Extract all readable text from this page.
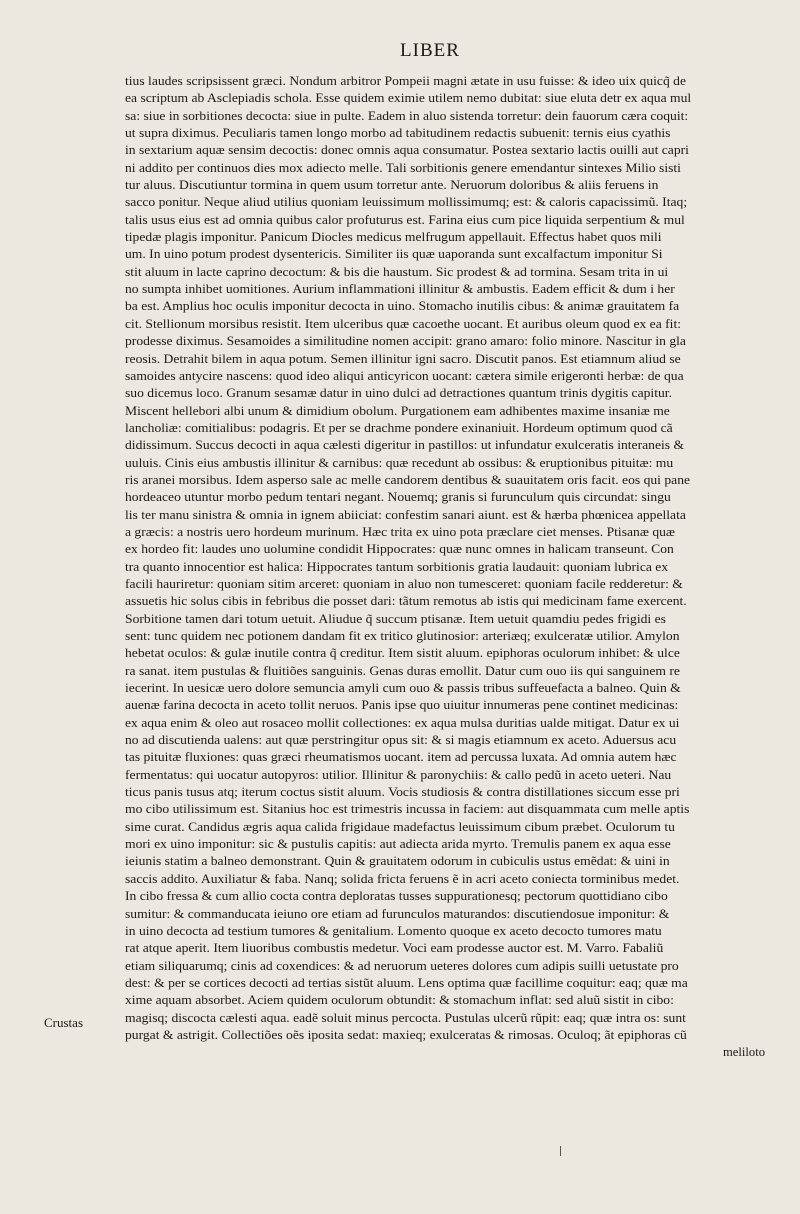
LIBER
Crustas
tius laudes scripsissent græci. Nondum arbitror Pompeii magni ætate in usu fuisse: & ideo uix quicq̃ de
ea scriptum ab Asclepiadis schola. Esse quidem eximie utilem nemo dubitat: siue eluta detr ex aqua mul
sa: siue in sorbitiones decocta: siue in pulte. Eadem in aluo sistenda torretur: dein fauorum cæra coquit:
ut supra diximus. Peculiaris tamen longo morbo ad tabitudinem redactis subuenit: ternis eius cyathis
in sextarium aquæ sensim decoctis: donec omnis aqua consumatur. Postea sextario lactis ouilli aut capri
ni addito per continuos dies mox adiecto melle. Tali sorbitionis genere emendantur sintexes Milio sisti
tur aluus. Discutiuntur tormina in quem usum torretur ante. Neruorum doloribus & aliis feruens in
sacco ponitur. Neque aliud utilius quoniam leuissimum mollissimumq; est: & caloris capacissimũ. Itaq;
talis usus eius est ad omnia quibus calor profuturus est. Farina eius cum pice liquida serpentium & mul
tipedæ plagis imponitur. Panicum Diocles medicus melfrugum appellauit. Effectus habet quos mili
um. In uino potum prodest dysentericis. Similiter iis quæ uaporanda sunt excalfactum imponitur Si
stit aluum in lacte caprino decoctum: & bis die haustum. Sic prodest & ad tormina. Sesam trita in ui
no sumpta inhibet uomitiones. Aurium inflammationi illinitur & ambustis. Eadem efficit & dum i her
ba est. Amplius hoc oculis imponitur decocta in uino. Stomacho inutilis cibus: & animæ grauitatem fa
cit. Stellionum morsibus resistit. Item ulceribus quæ cacoethe uocant. Et auribus oleum quod ex ea fit:
prodesse diximus. Sesamoides a similitudine nomen accipit: grano amaro: folio minore. Nascitur in gla
reosis. Detrahit bilem in aqua potum. Semen illinitur igni sacro. Discutit panos. Est etiamnum aliud se
samoides antycire nascens: quod ideo aliqui anticyricon uocant: cætera simile erigeronti herbæ: de qua
suo dicemus loco. Granum sesamæ datur in uino dulci ad detractiones quantum trinis dygitis capitur.
Miscent hellebori albi unum & dimidium obolum. Purgationem eam adhibentes maxime insaniæ me
lancholiæ: comitialibus: podagris. Et per se drachme pondere exinaniuit. Hordeum optimum quod cã
didissimum. Succus decocti in aqua cælesti digeritur in pastillos: ut infundatur exulceratis interaneis &
uuluis. Cinis eius ambustis illinitur & carnibus: quæ recedunt ab ossibus: & eruptionibus pituitæ: mu
ris aranei morsibus. Idem asperso sale ac melle candorem dentibus & suauitatem oris facit. eos qui pane
hordeaceo utuntur morbo pedum tentari negant. Nouemq; granis si furunculum quis circundat: singu
lis ter manu sinistra & omnia in ignem abiiciat: confestim sanari aiunt. est & hærba phœnicea appellata
a græcis: a nostris uero hordeum murinum. Hæc trita ex uino pota præclare ciet menses. Ptisanæ quæ
ex hordeo fit: laudes uno uolumine condidit Hippocrates: quæ nunc omnes in halicam transeunt. Con
tra quanto innocentior est halica: Hippocrates tantum sorbitionis gratia laudauit: quoniam lubrica ex
facili hauriretur: quoniam sitim arceret: quoniam in aluo non tumesceret: quoniam facile redderetur: &
assuetis hic solus cibis in febribus die posset dari: tãtum remotus ab istis qui medicinam fame exercent.
Sorbitione tamen dari totum uetuit. Aliudue q̃ succum ptisanæ. Item uetuit quamdiu pedes frigidi es
sent: tunc quidem nec potionem dandam fit ex tritico glutinosior: arteriæq; exulceratæ utilior. Amylon
hebetat oculos: & gulæ inutile contra q̃ creditur. Item sistit aluum. epiphoras oculorum inhibet: & ulce
ra sanat. item pustulas & fluitiões sanguinis. Genas duras emollit. Datur cum ouo iis qui sanguinem re
iecerint. In uesicæ uero dolore semuncia amyli cum ouo & passis tribus suffeuefacta a balneo. Quin &
auenæ farina decocta in aceto tollit neruos. Panis ipse quo uiuitur innumeras pene continet medicinas:
ex aqua enim & oleo aut rosaceo mollit collectiones: ex aqua mulsa duritias ualde mitigat. Datur ex ui
no ad discutienda ualens: aut quæ perstringitur opus sit: & si magis etiamnum ex aceto. Aduersus acu
tas pituitæ fluxiones: quas græci rheumatismos uocant. item ad percussa luxata. Ad omnia autem hæc
fermentatus: qui uocatur autopyros: utilior. Illinitur & paronychiis: & callo pedũ in aceto ueteri. Nau
ticus panis tusus atq; iterum coctus sistit aluum. Vocis studiosis & contra distillationes siccum esse pri
mo cibo utilissimum est. Sitanius hoc est trimestris incussa in faciem: aut disquammata cum melle aptis
sime curat. Candidus ægris aqua calida frigidaue madefactus leuissimum cibum præbet. Oculorum tu
mori ex uino imponitur: sic & pustulis capitis: aut adiecta arida myrto. Tremulis panem ex aqua esse
ieiunis statim a balneo demonstrant. Quin & grauitatem odorum in cubiculis ustus emẽdat: & uini in
saccis addito. Auxiliatur & faba. Nanq; solida fricta feruens ẽ in acri aceto coniecta torminibus medet.
In cibo fressa & cum allio cocta contra deploratas tusses suppurationesq; pectorum quottidiano cibo
sumitur: & commanducata ieiuno ore etiam ad furunculos maturandos: discutiendosue imponitur: &
in uino decocta ad testium tumores & genitalium. Lomento quoque ex aceto decocto tumores matu
rat atque aperit. Item liuoribus combustis medetur. Voci eam prodesse auctor est. M. Varro. Fabaliũ
etiam siliquarumq; cinis ad coxendices: & ad neruorum ueteres dolores cum adipis suilli uetustate pro
dest: & per se cortices decocti ad tertias sistũt aluum. Lens optima quæ facillime coquitur: eaq; quæ ma
xime aquam absorbet. Aciem quidem oculorum obtundit: & stomachum inflat: sed aluũ sistit in cibo:
magisq; discocta cælesti aqua. eadẽ soluit minus percocta. Pustulas ulcerũ rũpit: eaq; quæ intra os: sunt
purgat & astrigit. Collectiões oẽs iposita sedat: maxieq; exulceratas & rimosas. Oculoq; ãt epiphoras cũ
meliloto
